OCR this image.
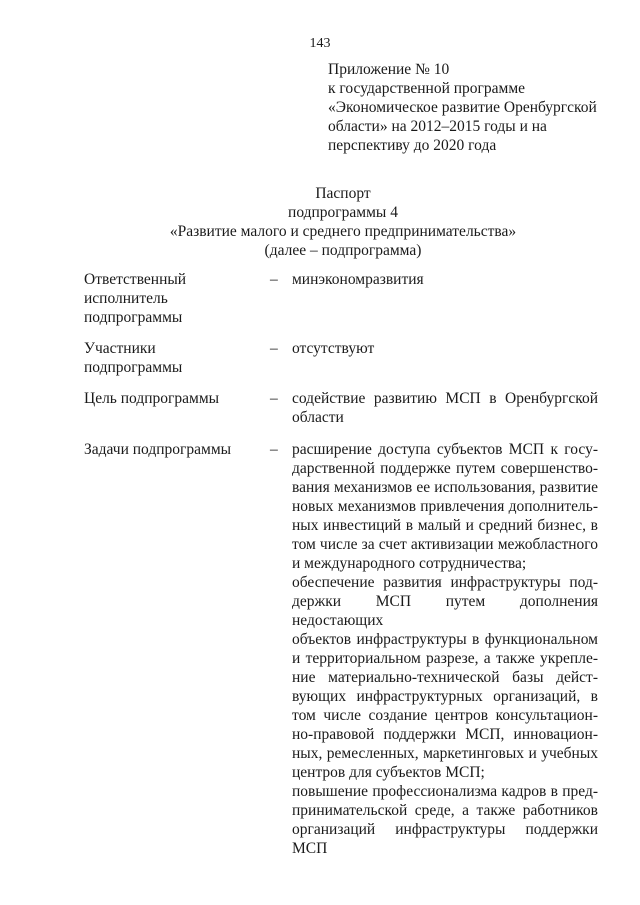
143
Приложение № 10
к государственной программе
«Экономическое развитие Оренбургской
области» на 2012–2015 годы и на
перспективу до 2020 года
Паспорт
подпрограммы 4
«Развитие малого и среднего предпринимательства»
(далее – подпрограмма)
Ответственный
исполнитель
подпрограммы
– минэкономразвития
Участники
подпрограммы
– отсутствуют
Цель подпрограммы	– содействие развитию МСП в Оренбургской
области
Задачи подпрограммы	– расширение доступа субъектов МСП к госу-
дарственной поддержке путем совершенство-
вания механизмов ее использования, развитие
новых механизмов привлечения дополнитель-
ных инвестиций в малый и средний бизнес, в
том числе за счет активизации межобластного
и международного сотрудничества;
обеспечение развития инфраструктуры под-
держки МСП путем дополнения недостающих
объектов инфраструктуры в функциональном
и территориальном разрезе, а также укрепле-
ние материально-технической базы дейст-
вующих инфраструктурных организаций, в
том числе создание центров консультацион-
но-правовой поддержки МСП, инновацион-
ных, ремесленных, маркетинговых и учебных
центров для субъектов МСП;
повышение профессионализма кадров в пред-
принимательской среде, а также работников
организаций инфраструктуры поддержки
МСП
